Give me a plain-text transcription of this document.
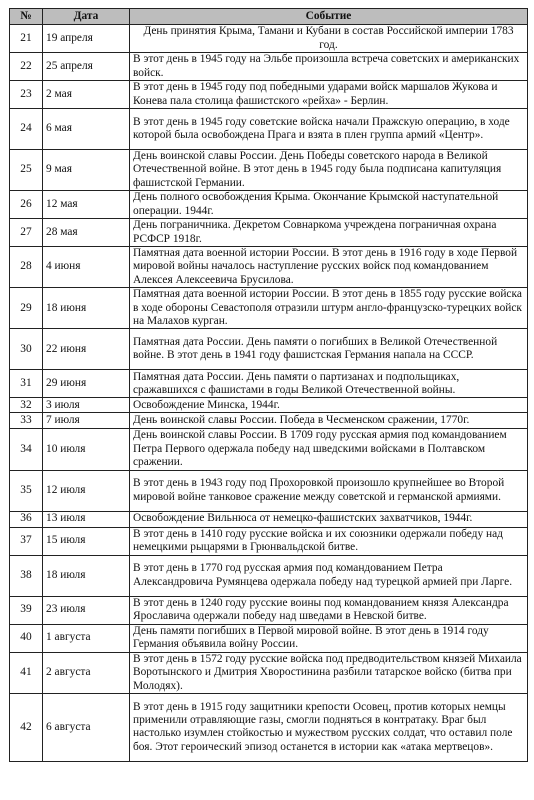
№	Дата	Событие
21	19 апреля	День принятия Крыма, Тамани и Кубани в состав Российской империи 1783 год.
22	25 апреля	В этот день в 1945 году на Эльбе произошла встреча советских и американских войск.
23	2 мая	В этот день в 1945 году под победными ударами войск маршалов Жукова и Конева пала столица фашистского «рейха» - Берлин.
24	6 мая	В этот день в 1945 году советские войска начали Пражскую операцию, в ходе которой была освобождена Прага и взята в плен группа армий «Центр».
25	9 мая	День воинской славы России. День Победы советского народа в Великой Отечественной войне. В этот день в 1945 году была подписана капитуляция фашистской Германии.
26	12 мая	День полного освобождения Крыма. Окончание Крымской наступательной операции. 1944г.
27	28 мая	День пограничника. Декретом Совнаркома учреждена пограничная охрана РСФСР 1918г.
28	4 июня	Памятная дата военной истории России. В этот день в 1916 году в ходе Первой мировой войны началось наступление русских войск под командованием Алексея Алексеевича Брусилова.
29	18 июня	Памятная дата военной истории России. В этот день в 1855 году русские войска в ходе обороны Севастополя отразили штурм англо-французско-турецких войск на Малахов курган.
30	22 июня	Памятная дата России. День памяти о погибших в Великой Отечественной войне. В этот день в 1941 году фашистская Германия напала на СССР.
31	29 июня	Памятная дата России. День памяти о партизанах и подпольщиках, сражавшихся с фашистами в годы Великой Отечественной войны.
32	3 июля	Освобождение Минска, 1944г.
33	7 июля	День воинской славы России. Победа в Чесменском сражении, 1770г.
34	10 июля	День воинской славы России. В 1709 году русская армия под командованием Петра Первого одержала победу над шведскими войсками в Полтавском сражении.
35	12 июля	В этот день в 1943 году под Прохоровкой произошло крупнейшее во Второй мировой войне танковое сражение между советской и германской армиями.
36	13 июля	Освобождение Вильнюса от немецко-фашистских захватчиков, 1944г.
37	15 июля	В этот день в 1410 году русские войска и их союзники одержали победу над немецкими рыцарями в Грюнвальдской битве.
38	18 июля	В этот день в 1770 год русская армия под командованием Петра Александровича Румянцева одержала победу над турецкой армией при Ларге.
39	23 июля	В этот день в 1240 году русские воины под командованием князя Александра Ярославича одержали победу над шведами в Невской битве.
40	1 августа	День памяти погибших в Первой мировой войне. В этот день в 1914 году Германия объявила войну России.
41	2 августа	В этот день в 1572 году русские войска под предводительством князей Михаила Воротынского и Дмитрия Хворостинина разбили татарское войско (битва при Молодях).
42	6 августа	В этот день в 1915 году защитники крепости Осовец, против которых немцы применили отравляющие газы, смогли подняться в контратаку. Враг был настолько изумлен стойкостью и мужеством русских солдат, что оставил поле боя. Этот героический эпизод останется в истории как «атака мертвецов».
